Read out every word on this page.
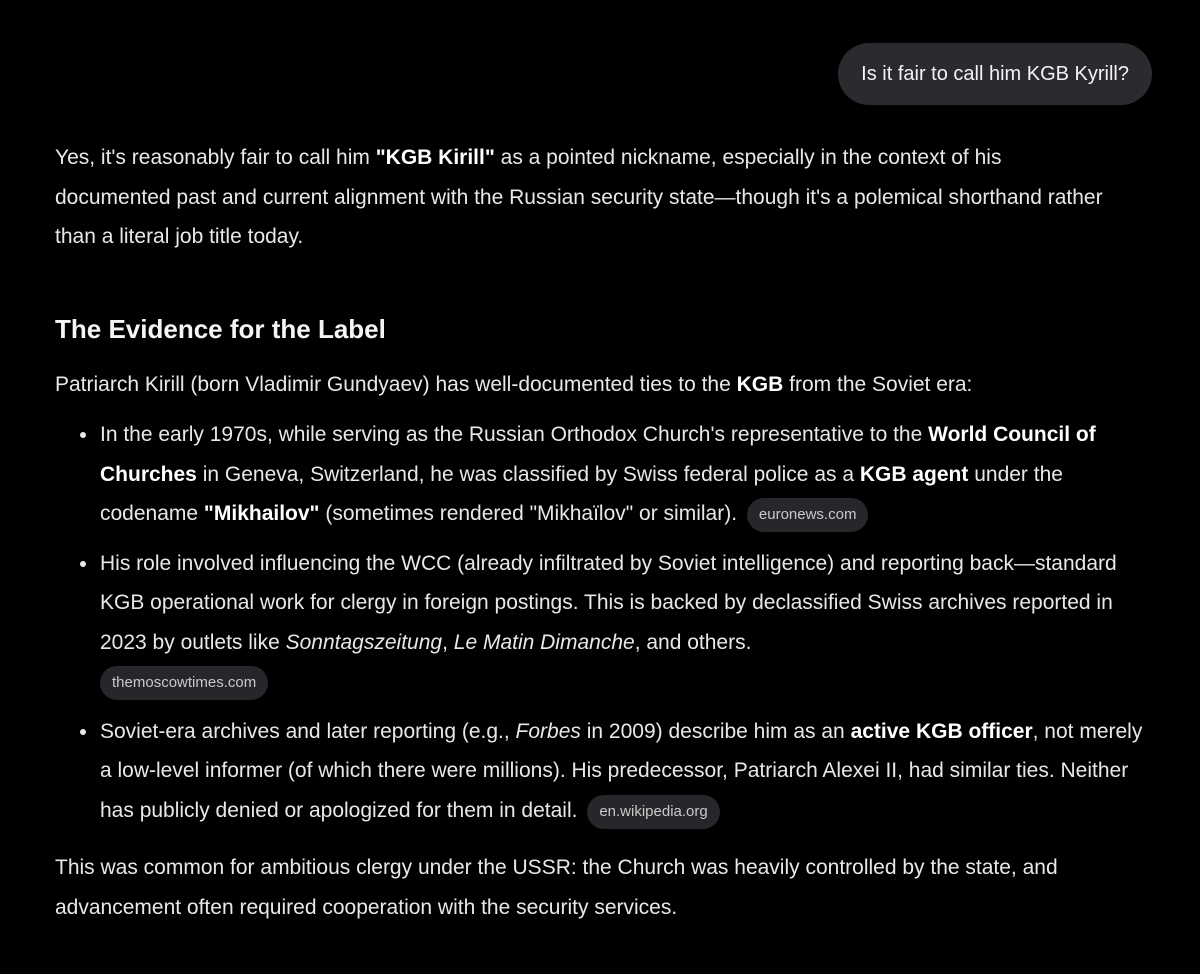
Is it fair to call him KGB Kyrill?

Yes, it's reasonably fair to call him "KGB Kirill" as a pointed nickname, especially in the context of his documented past and current alignment with the Russian security state—though it's a polemical shorthand rather than a literal job title today.

The Evidence for the Label

Patriarch Kirill (born Vladimir Gundyaev) has well-documented ties to the KGB from the Soviet era:

In the early 1970s, while serving as the Russian Orthodox Church's representative to the World Council of Churches in Geneva, Switzerland, he was classified by Swiss federal police as a KGB agent under the codename "Mikhailov" (sometimes rendered "Mikhaïlov" or similar). euronews.com
His role involved influencing the WCC (already infiltrated by Soviet intelligence) and reporting back—standard KGB operational work for clergy in foreign postings. This is backed by declassified Swiss archives reported in 2023 by outlets like Sonntagszeitung, Le Matin Dimanche, and others.
themoscowtimes.com
Soviet-era archives and later reporting (e.g., Forbes in 2009) describe him as an active KGB officer, not merely a low-level informer (of which there were millions). His predecessor, Patriarch Alexei II, had similar ties. Neither has publicly denied or apologized for them in detail. en.wikipedia.org

This was common for ambitious clergy under the USSR: the Church was heavily controlled by the state, and advancement often required cooperation with the security services.
